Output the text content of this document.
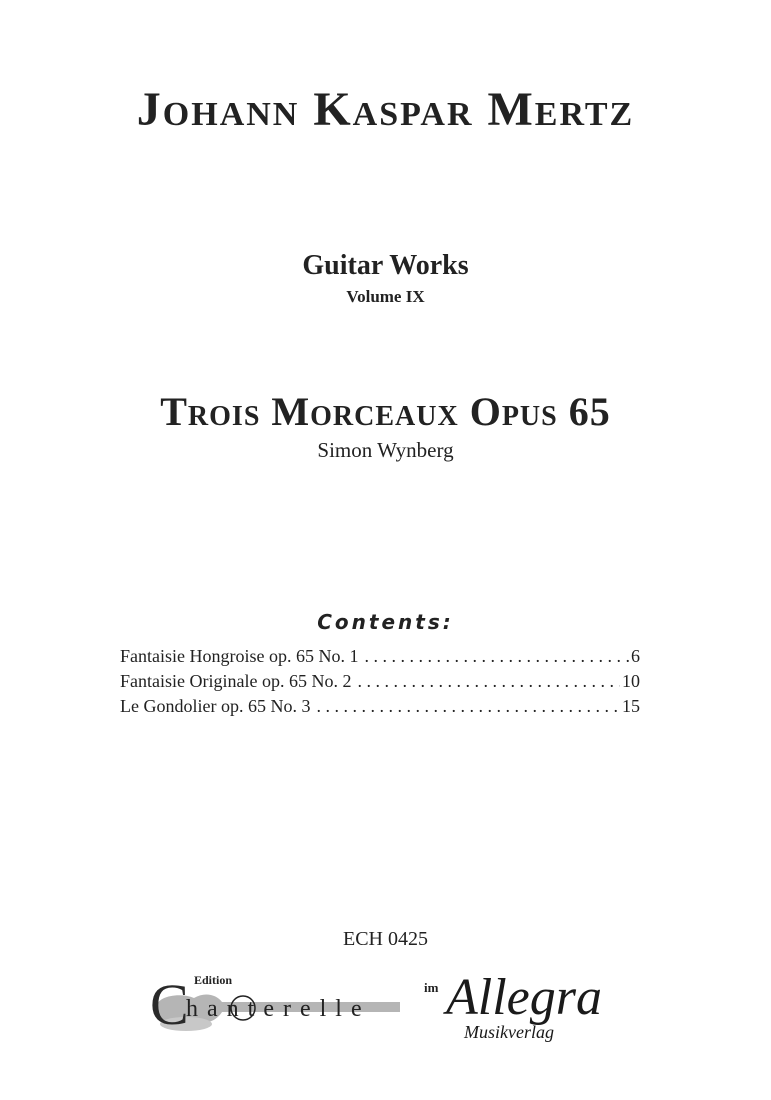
Johann Kaspar Mertz
Guitar Works
Volume IX
Trois Morceaux Opus 65
Simon Wynberg
Contents:
Fantaisie Hongroise op. 65 No. 1 . . .	6
Fantaisie Originale op. 65 No. 2 . . .	10
Le Gondolier op. 65 No. 3 . . .	15
ECH 0425
C Edition
hanterelle
im Allegra
Musikverlag
